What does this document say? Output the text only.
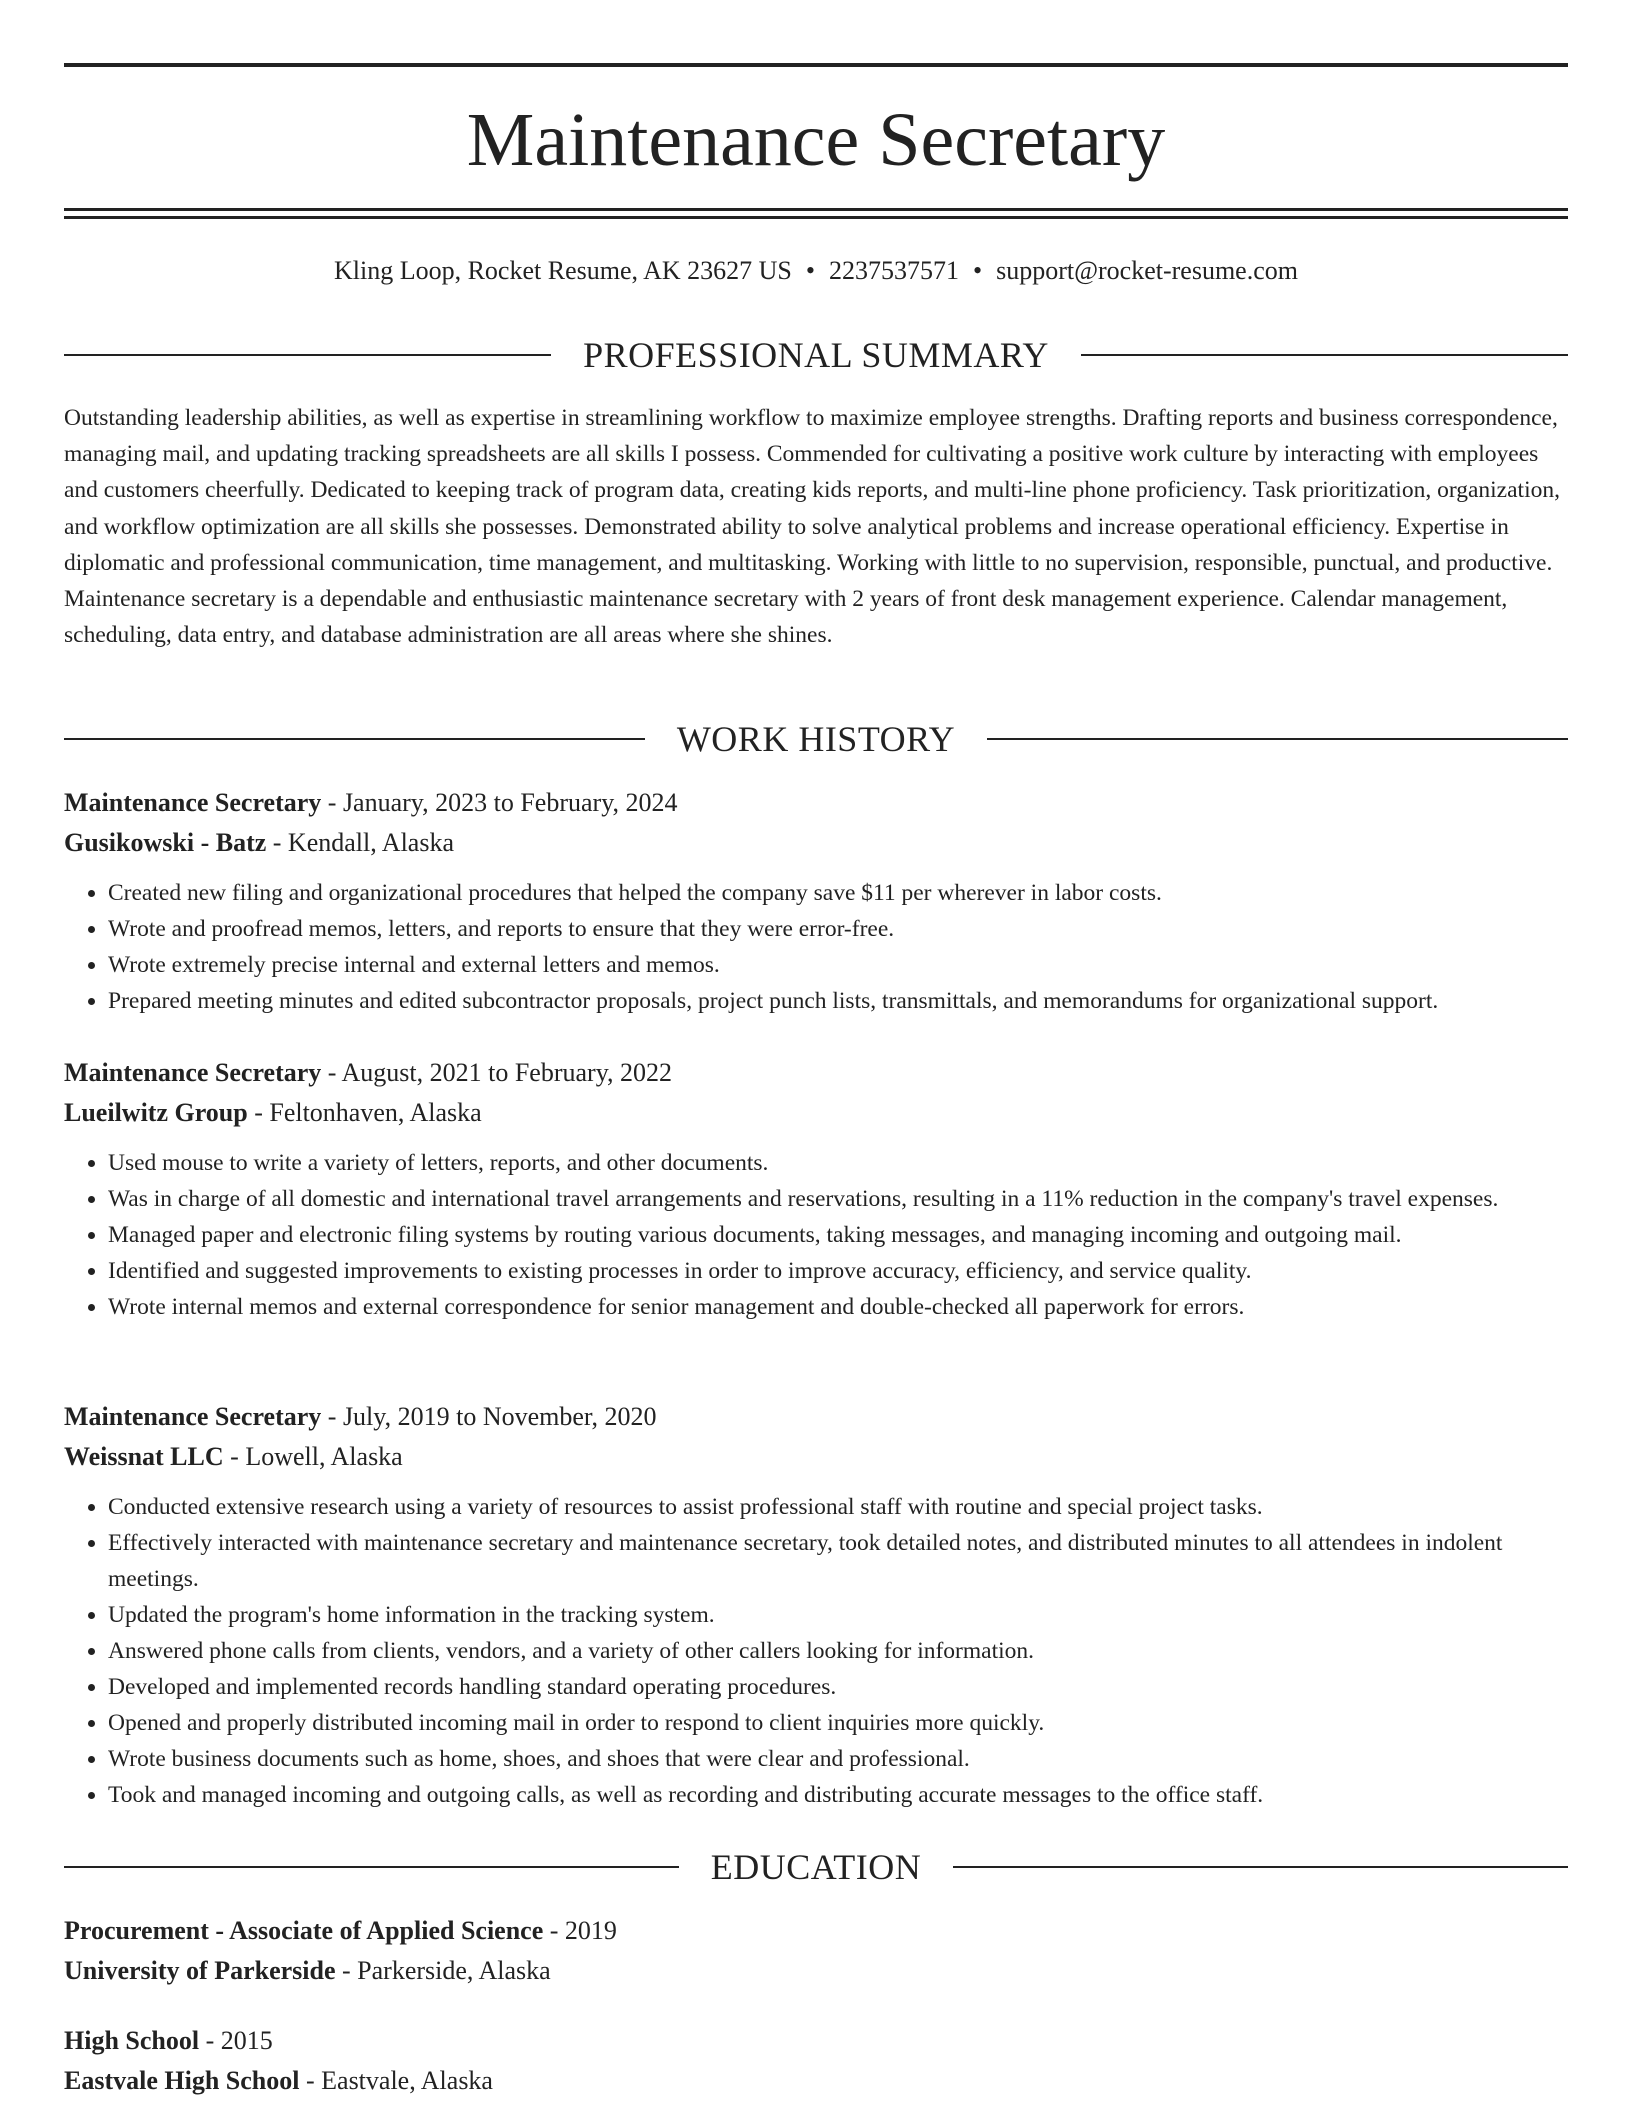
Maintenance Secretary
Kling Loop, Rocket Resume, AK 23627 US • 2237537571 • support@rocket-resume.com
PROFESSIONAL SUMMARY

Outstanding leadership abilities, as well as expertise in streamlining workflow to maximize employee strengths. Drafting reports and business correspondence, managing mail, and updating tracking spreadsheets are all skills I possess. Commended for cultivating a positive work culture by interacting with employees and customers cheerfully. Dedicated to keeping track of program data, creating kids reports, and multi-line phone proficiency. Task prioritization, organization, and workflow optimization are all skills she possesses. Demonstrated ability to solve analytical problems and increase operational efficiency. Expertise in diplomatic and professional communication, time management, and multitasking. Working with little to no supervision, responsible, punctual, and productive. Maintenance secretary is a dependable and enthusiastic maintenance secretary with 2 years of front desk management experience. Calendar management, scheduling, data entry, and database administration are all areas where she shines.

WORK HISTORY
Maintenance Secretary - January, 2023 to February, 2024
Gusikowski - Batz - Kendall, Alaska
• Created new filing and organizational procedures that helped the company save $11 per wherever in labor costs.
• Wrote and proofread memos, letters, and reports to ensure that they were error-free.
• Wrote extremely precise internal and external letters and memos.
• Prepared meeting minutes and edited subcontractor proposals, project punch lists, transmittals, and memorandums for organizational support.
Maintenance Secretary - August, 2021 to February, 2022
Lueilwitz Group - Feltonhaven, Alaska
• Used mouse to write a variety of letters, reports, and other documents.
• Was in charge of all domestic and international travel arrangements and reservations, resulting in a 11% reduction in the company's travel expenses.
• Managed paper and electronic filing systems by routing various documents, taking messages, and managing incoming and outgoing mail.
• Identified and suggested improvements to existing processes in order to improve accuracy, efficiency, and service quality.
• Wrote internal memos and external correspondence for senior management and double-checked all paperwork for errors.
Maintenance Secretary - July, 2019 to November, 2020
Weissnat LLC - Lowell, Alaska
• Conducted extensive research using a variety of resources to assist professional staff with routine and special project tasks.
• Effectively interacted with maintenance secretary and maintenance secretary, took detailed notes, and distributed minutes to all attendees in indolent meetings.
• Updated the program's home information in the tracking system.
• Answered phone calls from clients, vendors, and a variety of other callers looking for information.
• Developed and implemented records handling standard operating procedures.
• Opened and properly distributed incoming mail in order to respond to client inquiries more quickly.
• Wrote business documents such as home, shoes, and shoes that were clear and professional.
• Took and managed incoming and outgoing calls, as well as recording and distributing accurate messages to the office staff.
EDUCATION
Procurement - Associate of Applied Science - 2019
University of Parkerside - Parkerside, Alaska
High School - 2015
Eastvale High School - Eastvale, Alaska
